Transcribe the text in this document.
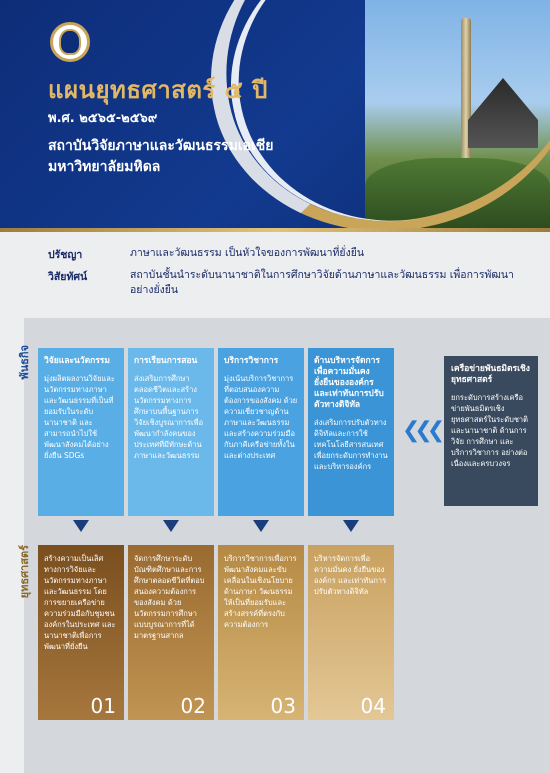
แผนยุทธศาสตร์ ๕ ปี
พ.ศ. ๒๕๖๕-๒๕๖๙
สถาบันวิจัยภาษาและวัฒนธรรมเอเชีย
มหาวิทยาลัยมหิดล
ปรัชญา	ภาษาและวัฒนธรรม เป็นหัวใจของการพัฒนาที่ยั่งยืน
วิสัยทัศน์	สถาบันชั้นนำระดับนานาชาติในการศึกษาวิจัยด้านภาษาและวัฒนธรรม เพื่อการพัฒนาอย่างยั่งยืน
พันธกิจ
ยุทธศาสตร์
วิจัยและนวัตกรรม
มุ่งผลิตผลงานวิจัยและนวัตกรรมทางภาษาและวัฒนธรรมที่เป็นที่ยอมรับในระดับนานาชาติ และสามารถนำไปใช้พัฒนาสังคมได้อย่างยั่งยืน SDGs
การเรียนการสอน
ส่งเสริมการศึกษาตลอดชีวิตและสร้างนวัตกรรมทางการศึกษาบนพื้นฐานการวิจัยเชิงบูรณาการเพื่อพัฒนากำลังคนของประเทศที่มีทักษะด้านภาษาและวัฒนธรรม
บริการวิชาการ
มุ่งเน้นบริการวิชาการที่ตอบสนองความต้องการของสังคม ด้วยความเชี่ยวชาญด้านภาษาและวัฒนธรรม และสร้างความร่วมมือกับภาคีเครือข่ายทั้งในและต่างประเทศ
ด้านบริหารจัดการเพื่อความมั่นคง ยั่งยืนขององค์กรและเท่าทันการปรับตัวทางดิจิทัล
ส่งเสริมการปรับตัวทางดิจิทัลและการใช้เทคโนโลยีสารสนเทศ เพื่อยกระดับการทำงานและบริหารองค์กร
❮❮❮
เครือข่ายพันธมิตรเชิงยุทธศาสตร์
ยกระดับการสร้างเครือข่ายพันธมิตรเชิงยุทธศาสตร์ในระดับชาติและนานาชาติ ด้านการวิจัย การศึกษา และบริการวิชาการ อย่างต่อเนื่องและครบวงจร
สร้างความเป็นเลิศทางการวิจัยและนวัตกรรมทางภาษาและวัฒนธรรม โดยการขยายเครือข่ายความร่วมมือกับชุมชน องค์กรในประเทศ และนานาชาติเพื่อการพัฒนาที่ยั่งยืน
01
จัดการศึกษาระดับบัณฑิตศึกษาและการศึกษาตลอดชีวิตที่ตอบสนองความต้องการของสังคม ด้วยนวัตกรรมการศึกษาแบบบูรณาการที่ได้มาตรฐานสากล
02
บริการวิชาการเพื่อการพัฒนาสังคมและขับเคลื่อนในเชิงนโยบาย ด้านภาษา วัฒนธรรม ให้เป็นที่ยอมรับและสร้างสรรค์ที่ตรงกับความต้องการ
03
บริหารจัดการเพื่อความมั่นคง ยั่งยืนขององค์กร และเท่าทันการปรับตัวทางดิจิทัล
04
